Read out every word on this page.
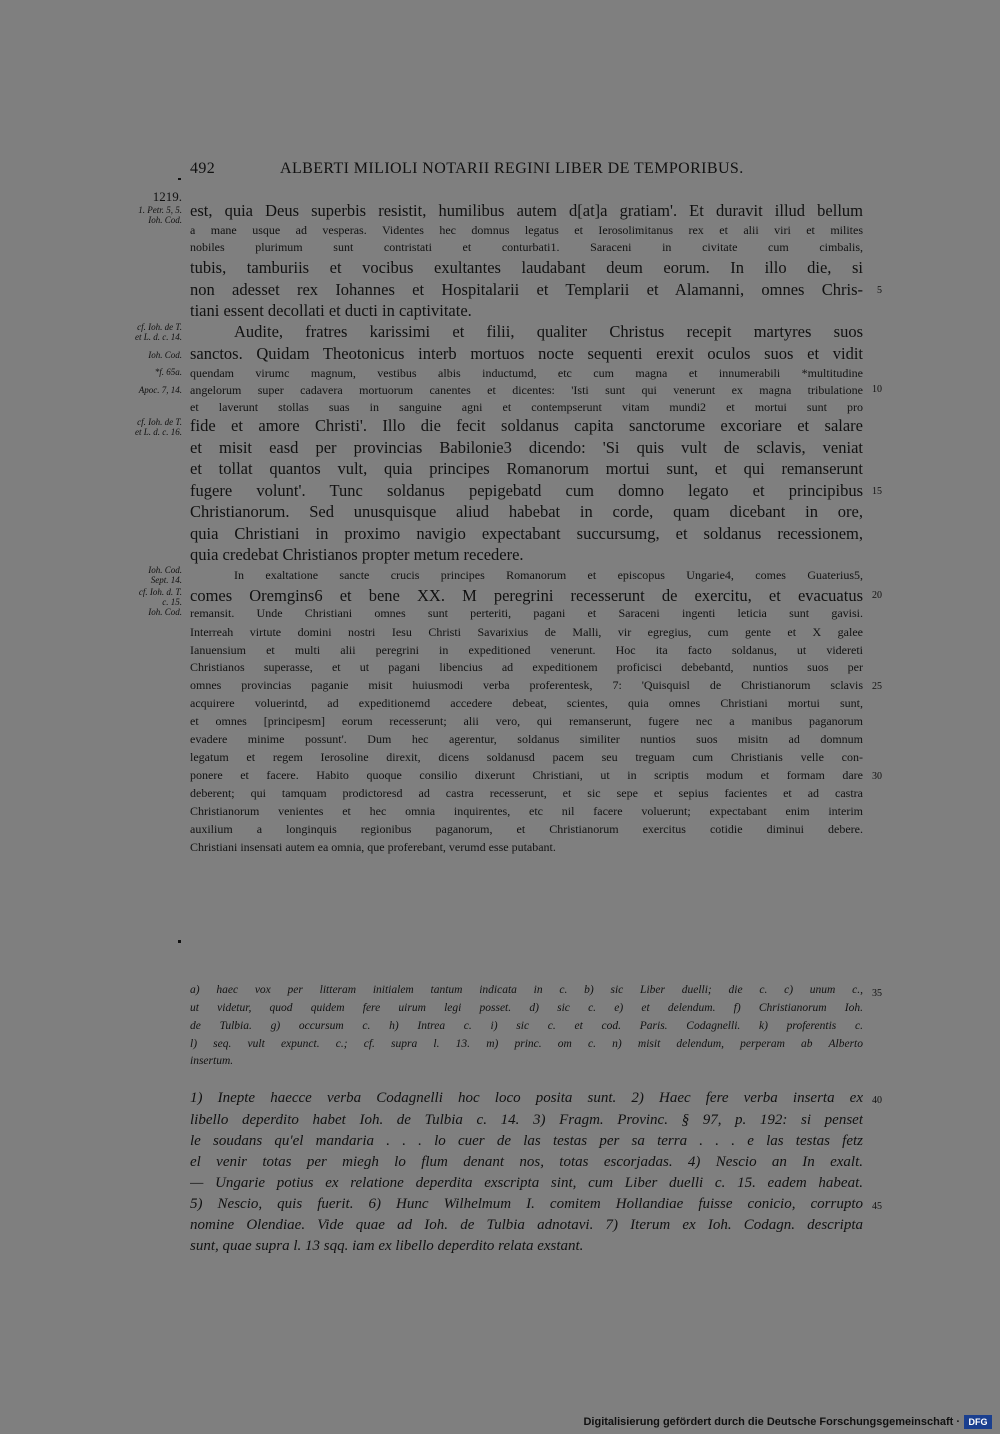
492	ALBERTI MILIOLI NOTARII REGINI LIBER DE TEMPORIBUS.
1219.
1. Petr. 5, 5.
Ioh. Cod.
cf. Ioh. de T.
et L. d. c. 14.
Ioh. Cod.
*f. 65a.
Apoc. 7, 14.
cf. Ioh. de T.
et L. d. c. 16.
Ioh. Cod.
Sept. 14.
cf. Ioh. d. T.
c. 15.
Ioh. Cod.
est, quia Deus superbis resistit, humilibus autem d[at]a gratiam'. Et duravit illud bellum
a mane usque ad vesperas. Videntes hec domnus legatus et Ierosolimitanus rex et alii viri et milites
nobiles plurimum sunt contristati et conturbati1. Saraceni in civitate cum cimbalis,
tubis, tamburiis et vocibus exultantes laudabant deum eorum. In illo die, si
non adesset rex Iohannes et Hospitalarii et Templarii et Alamanni, omnes Chris-
tiani essent decollati et ducti in captivitate.
Audite, fratres karissimi et filii, qualiter Christus recepit martyres suos
sanctos. Quidam Theotonicus interb mortuos nocte sequenti erexit oculos suos et vidit
quendam virumc magnum, vestibus albis inductumd, etc cum magna et innumerabili *multitudine
angelorum super cadavera mortuorum canentes et dicentes: 'Isti sunt qui venerunt ex magna tribulatione
et laverunt stollas suas in sanguine agni et contempserunt vitam mundi2 et mortui sunt pro
fide et amore Christi'. Illo die fecit soldanus capita sanctorume excoriare et salare
et misit easd per provincias Babilonie3 dicendo: 'Si quis vult de sclavis, veniat
et tollat quantos vult, quia principes Romanorum mortui sunt, et qui remanserunt
fugere volunt'. Tunc soldanus pepigebatd cum domno legato et principibus
Christianorum. Sed unusquisque aliud habebat in corde, quam dicebant in ore,
quia Christiani in proximo navigio expectabant succursumg, et soldanus recessionem,
quia credebat Christianos propter metum recedere.
In exaltatione sancte crucis principes Romanorum et episcopus Ungarie4, comes Guaterius5,
comes Oremgins6 et bene XX. M peregrini recesserunt de exercitu, et evacuatus
remansit. Unde Christiani omnes sunt perteriti, pagani et Saraceni ingenti leticia sunt gavisi.
Interreah virtute domini nostri Iesu Christi Savarixius de Malli, vir egregius, cum gente et X galee
Ianuensium et multi alii peregrini in expeditioned venerunt. Hoc ita facto soldanus, ut videreti
Christianos superasse, et ut pagani libencius ad expeditionem proficisci debebantd, nuntios suos per
omnes provincias paganie misit huiusmodi verba proferentesk, 7: 'Quisquisl de Christianorum sclavis
acquirere voluerintd, ad expeditionemd accedere debeat, scientes, quia omnes Christiani mortui sunt,
et omnes [principesm] eorum recesserunt; alii vero, qui remanserunt, fugere nec a manibus paganorum
evadere minime possunt'. Dum hec agerentur, soldanus similiter nuntios suos misitn ad domnum
legatum et regem Ierosoline direxit, dicens soldanusd pacem seu treguam cum Christianis velle con-
ponere et facere. Habito quoque consilio dixerunt Christiani, ut in scriptis modum et formam dare
deberent; qui tamquam prodictoresd ad castra recesserunt, et sic sepe et sepius facientes et ad castra
Christianorum venientes et hec omnia inquirentes, etc nil facere voluerunt; expectabant enim interim
auxilium a longinquis regionibus paganorum, et Christianorum exercitus cotidie diminui debere.
Christiani insensati autem ea omnia, que proferebant, verumd esse putabant.
5
10
15
20
25
30
35
40
45
a) haec vox per litteram initialem tantum indicata in c. b) sic Liber duelli; die c. c) unum c.,
ut videtur, quod quidem fere uirum legi posset. d) sic c. e) et delendum. f) Christianorum Ioh.
de Tulbia. g) occursum c. h) Intrea c. i) sic c. et cod. Paris. Codagnelli. k) proferentis c.
l) seq. vult expunct. c.; cf. supra l. 13. m) princ. om c. n) misit delendum, perperam ab Alberto
insertum.
1) Inepte haecce verba Codagnelli hoc loco posita sunt. 2) Haec fere verba inserta ex
libello deperdito habet Ioh. de Tulbia c. 14. 3) Fragm. Provinc. § 97, p. 192: si penset
le soudans qu'el mandaria . . . lo cuer de las testas per sa terra . . . e las testas fetz
el venir totas per miegh lo flum denant nos, totas escorjadas. 4) Nescio an In exalt.
— Ungarie potius ex relatione deperdita exscripta sint, cum Liber duelli c. 15. eadem habeat.
5) Nescio, quis fuerit. 6) Hunc Wilhelmum I. comitem Hollandiae fuisse conicio, corrupto
nomine Olendiae. Vide quae ad Ioh. de Tulbia adnotavi. 7) Iterum ex Ioh. Codagn. descripta
sunt, quae supra l. 13 sqq. iam ex libello deperdito relata exstant.
Digitalisierung gefördert durch die Deutsche Forschungsgemeinschaft · DFG
